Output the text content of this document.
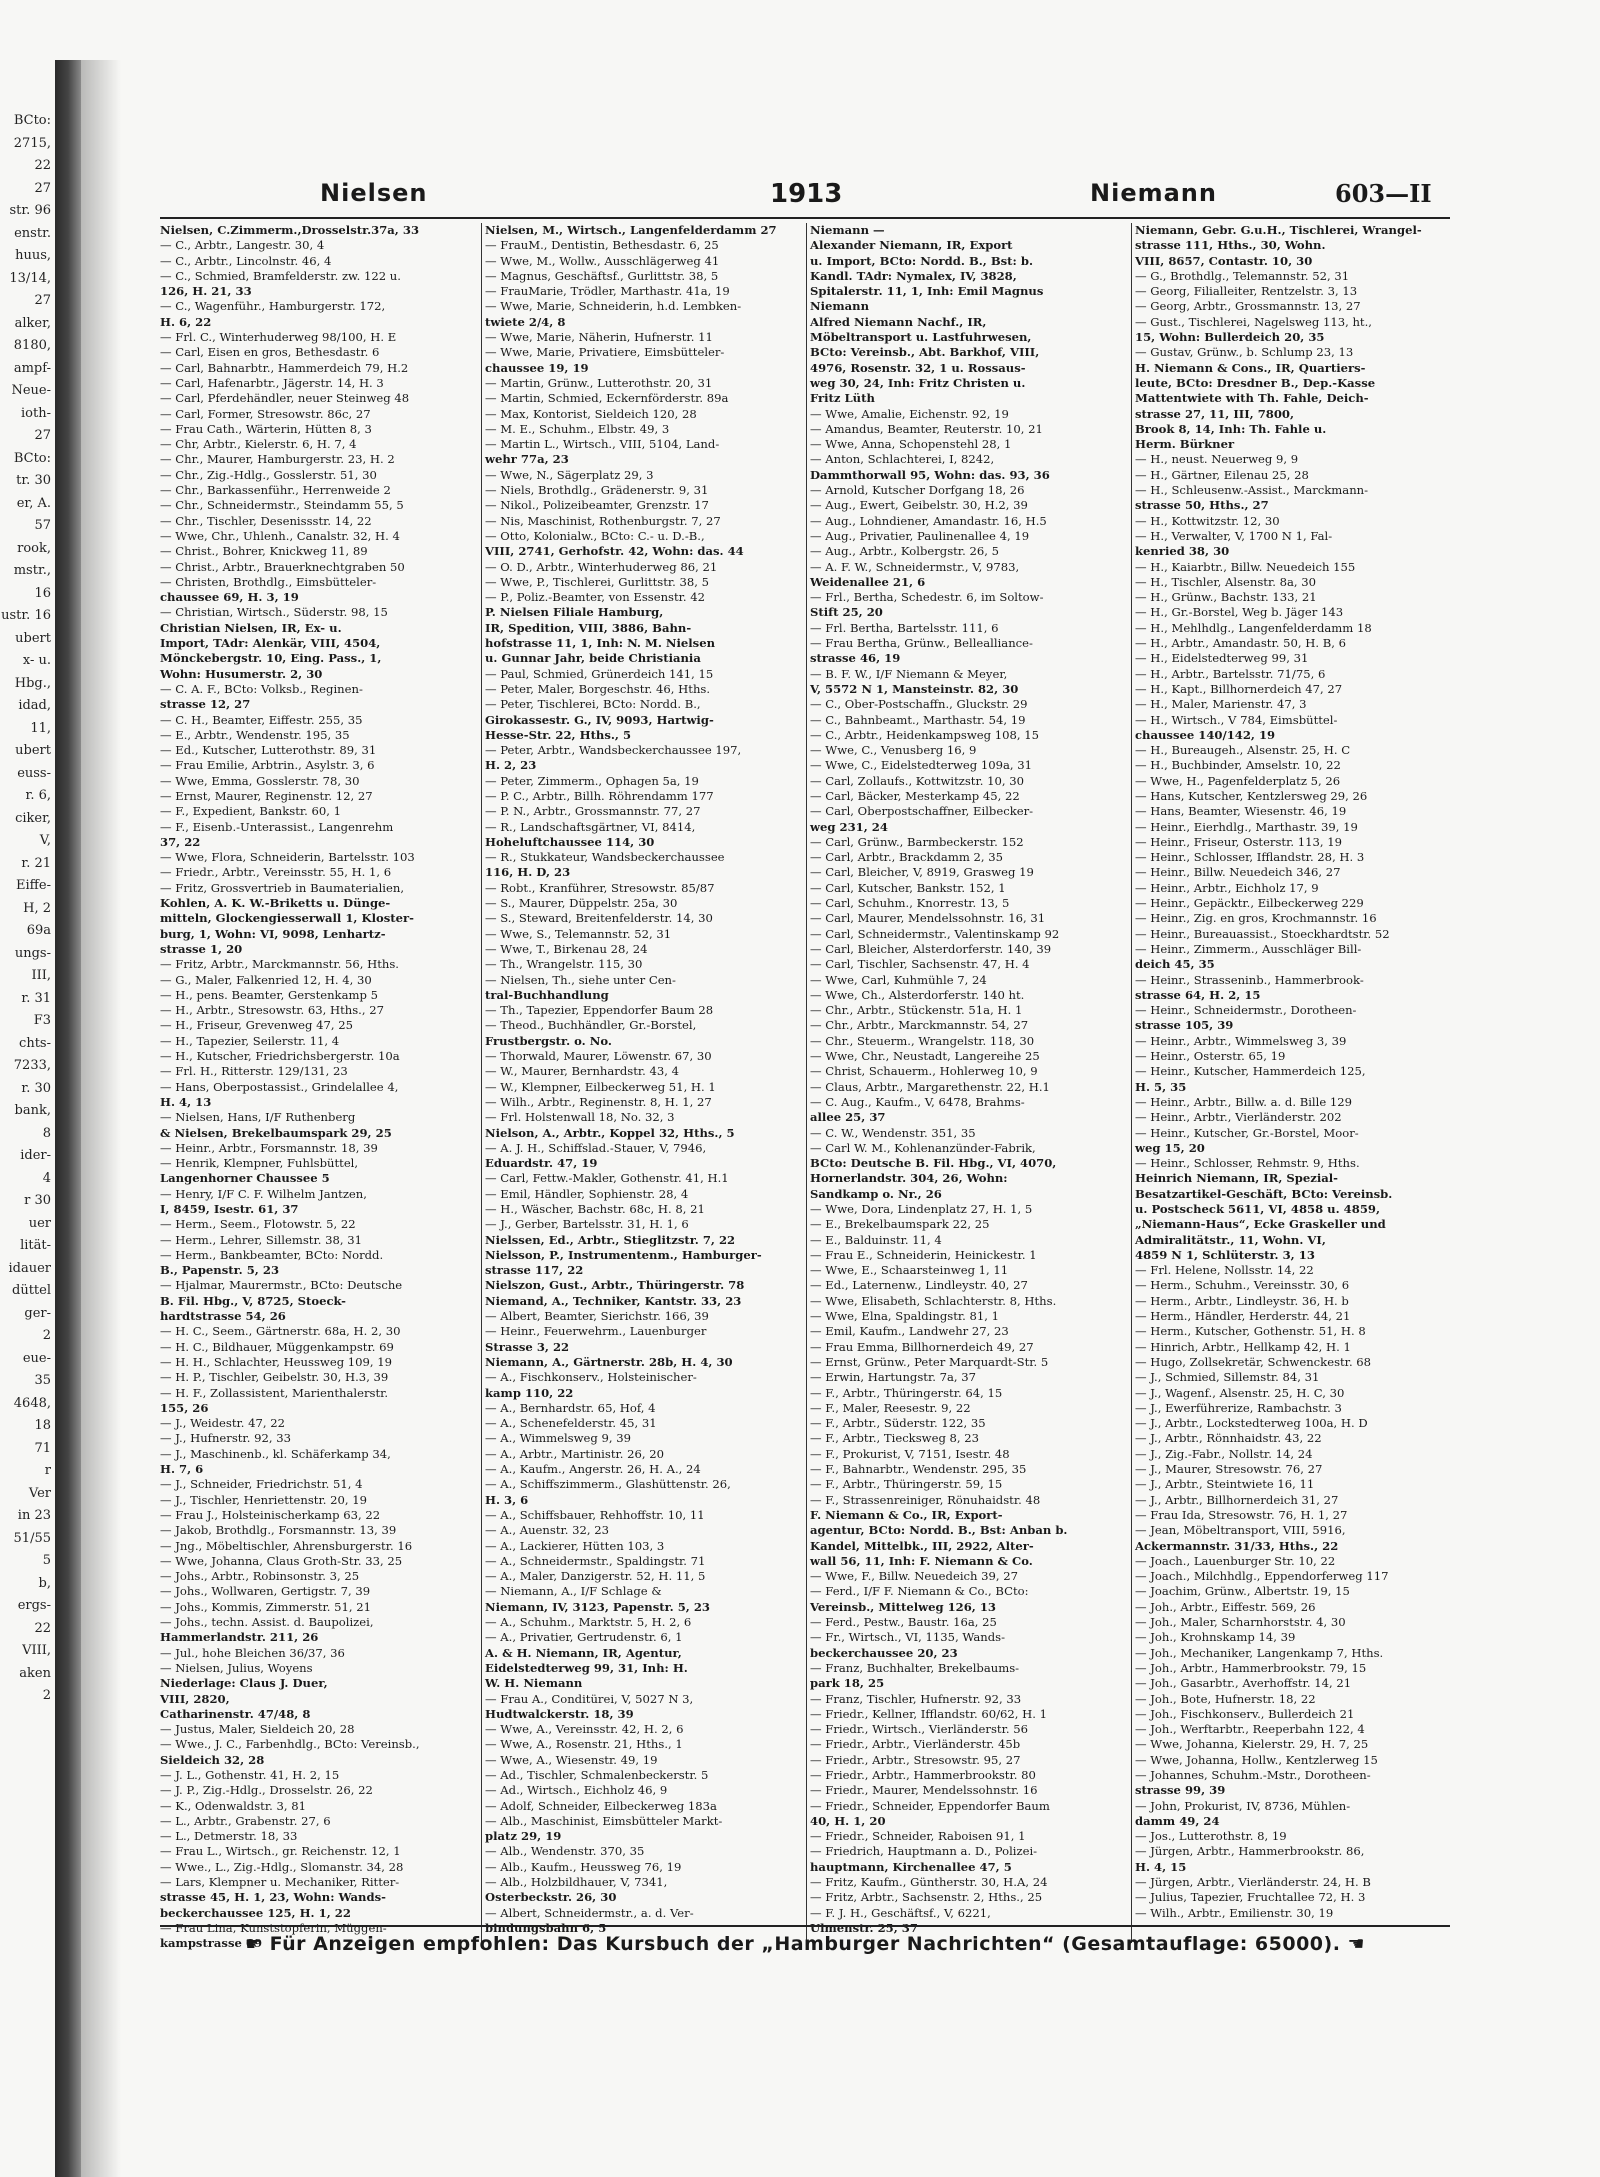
BCto:
2715,
22
27
str. 96
enstr.
huus,
13/14,
27
alker,
8180,
ampf-
Neue-
ioth-
27
BCto:
tr. 30
er, A.
57
rook,
mstr.,
16
ustr. 16
ubert
x- u.
Hbg.,
idad,
11,
ubert
euss-
r. 6,
ciker,
V,
r. 21
Eiffe-
H, 2
69a
ungs-
III,
r. 31
F3
chts-
7233,
r. 30
bank,
8
ider-
4
r 30
uer
lität-
idauer
düttel
ger-
2
eue-
35
4648,
18
71
r
Ver
in 23
51/55
5
b,
ergs-
22
VIII,
aken
2
Nielsen	1913	Niemann	603—II
Nielsen, C.Zimmerm.,Drosselstr.37a, 33
— C., Arbtr., Langestr. 30, 4
— C., Arbtr., Lincolnstr. 46, 4
— C., Schmied, Bramfelderstr. zw. 122 u.
126, H. 21, 33
— C., Wagenführ., Hamburgerstr. 172,
H. 6, 22
— Frl. C., Winterhuderweg 98/100, H. E
— Carl, Eisen en gros, Bethesdastr. 6
— Carl, Bahnarbtr., Hammerdeich 79, H.2
— Carl, Hafenarbtr., Jägerstr. 14, H. 3
— Carl, Pferdehändler, neuer Steinweg 48
— Carl, Former, Stresowstr. 86c, 27
— Frau Cath., Wärterin, Hütten 8, 3
— Chr, Arbtr., Kielerstr. 6, H. 7, 4
— Chr., Maurer, Hamburgerstr. 23, H. 2
— Chr., Zig.-Hdlg., Gosslerstr. 51, 30
— Chr., Barkassenführ., Herrenweide 2
— Chr., Schneidermstr., Steindamm 55, 5
— Chr., Tischler, Desenissstr. 14, 22
— Wwe, Chr., Uhlenh., Canalstr. 32, H. 4
— Christ., Bohrer, Knickweg 11, 89
— Christ., Arbtr., Brauerknechtgraben 50
— Christen, Brothdlg., Eimsbütteler-
chaussee 69, H. 3, 19
— Christian, Wirtsch., Süderstr. 98, 15
Christian Nielsen, IR, Ex- u.
Import, TAdr: Alenkär, VIII, 4504,
Mönckebergstr. 10, Eing. Pass., 1,
Wohn: Husumerstr. 2, 30
— C. A. F., BCto: Volksb., Reginen-
strasse 12, 27
— C. H., Beamter, Eiffestr. 255, 35
— E., Arbtr., Wendenstr. 195, 35
— Ed., Kutscher, Lutterothstr. 89, 31
— Frau Emilie, Arbtrin., Asylstr. 3, 6
— Wwe, Emma, Gosslerstr. 78, 30
— Ernst, Maurer, Reginenstr. 12, 27
— F., Expedient, Bankstr. 60, 1
— F., Eisenb.-Unterassist., Langenrehm
37, 22
— Wwe, Flora, Schneiderin, Bartelsstr. 103
— Friedr., Arbtr., Vereinsstr. 55, H. 1, 6
— Fritz, Grossvertrieb in Baumaterialien,
Kohlen, A. K. W.-Briketts u. Dünge-
mitteln, Glockengiesserwall 1, Kloster-
burg, 1, Wohn: VI, 9098, Lenhartz-
strasse 1, 20
— Fritz, Arbtr., Marckmannstr. 56, Hths.
— G., Maler, Falkenried 12, H. 4, 30
— H., pens. Beamter, Gerstenkamp 5
— H., Arbtr., Stresowstr. 63, Hths., 27
— H., Friseur, Grevenweg 47, 25
— H., Tapezier, Seilerstr. 11, 4
— H., Kutscher, Friedrichsbergerstr. 10a
— Frl. H., Ritterstr. 129/131, 23
— Hans, Oberpostassist., Grindelallee 4,
H. 4, 13
— Nielsen, Hans, I/F Ruthenberg
& Nielsen, Brekelbaumspark 29, 25
— Heinr., Arbtr., Forsmannstr. 18, 39
— Henrik, Klempner, Fuhlsbüttel,
Langenhorner Chaussee 5
— Henry, I/F C. F. Wilhelm Jantzen,
I, 8459, Isestr. 61, 37
— Herm., Seem., Flotowstr. 5, 22
— Herm., Lehrer, Sillemstr. 38, 31
— Herm., Bankbeamter, BCto: Nordd.
B., Papenstr. 5, 23
— Hjalmar, Maurermstr., BCto: Deutsche
B. Fil. Hbg., V, 8725, Stoeck-
hardtstrasse 54, 26
— H. C., Seem., Gärtnerstr. 68a, H. 2, 30
— H. C., Bildhauer, Müggenkampstr. 69
— H. H., Schlachter, Heussweg 109, 19
— H. P., Tischler, Geibelstr. 30, H.3, 39
— H. F., Zollassistent, Marienthalerstr.
155, 26
— J., Weidestr. 47, 22
— J., Hufnerstr. 92, 33
— J., Maschinenb., kl. Schäferkamp 34,
H. 7, 6
— J., Schneider, Friedrichstr. 51, 4
— J., Tischler, Henriettenstr. 20, 19
— Frau J., Holsteinischerkamp 63, 22
— Jakob, Brothdlg., Forsmannstr. 13, 39
— Jng., Möbeltischler, Ahrensburgerstr. 16
— Wwe, Johanna, Claus Groth-Str. 33, 25
— Johs., Arbtr., Robinsonstr. 3, 25
— Johs., Wollwaren, Gertigstr. 7, 39
— Johs., Kommis, Zimmerstr. 51, 21
— Johs., techn. Assist. d. Baupolizei,
Hammerlandstr. 211, 26
— Jul., hohe Bleichen 36/37, 36
— Nielsen, Julius, Woyens
Niederlage: Claus J. Duer,
VIII, 2820,
Catharinenstr. 47/48, 8
— Justus, Maler, Sieldeich 20, 28
— Wwe., J. C., Farbenhdlg., BCto: Vereinsb.,
Sieldeich 32, 28
— J. L., Gothenstr. 41, H. 2, 15
— J. P., Zig.-Hdlg., Drosselstr. 26, 22
— K., Odenwaldstr. 3, 81
— L., Arbtr., Grabenstr. 27, 6
— L., Detmerstr. 18, 33
— Frau L., Wirtsch., gr. Reichenstr. 12, 1
— Wwe., L., Zig.-Hdlg., Slomanstr. 34, 28
— Lars, Klempner u. Mechaniker, Ritter-
strasse 45, H. 1, 23, Wohn: Wands-
beckerchaussee 125, H. 1, 22
— Frau Lina, Kunststopferin, Müggen-
kampstrasse 69
Nielsen, M., Wirtsch., Langenfelderdamm 27
— FrauM., Dentistin, Bethesdastr. 6, 25
— Wwe, M., Wollw., Ausschlägerweg 41
— Magnus, Geschäftsf., Gurlittstr. 38, 5
— FrauMarie, Trödler, Marthastr. 41a, 19
— Wwe, Marie, Schneiderin, h.d. Lembken-
twiete 2/4, 8
— Wwe, Marie, Näherin, Hufnerstr. 11
— Wwe, Marie, Privatiere, Eimsbütteler-
chaussee 19, 19
— Martin, Grünw., Lutterothstr. 20, 31
— Martin, Schmied, Eckernförderstr. 89a
— Max, Kontorist, Sieldeich 120, 28
— M. E., Schuhm., Elbstr. 49, 3
— Martin L., Wirtsch., VIII, 5104, Land-
wehr 77a, 23
— Wwe, N., Sägerplatz 29, 3
— Niels, Brothdlg., Grädenerstr. 9, 31
— Nikol., Polizeibeamter, Grenzstr. 17
— Nis, Maschinist, Rothenburgstr. 7, 27
— Otto, Kolonialw., BCto: C.- u. D.-B.,
VIII, 2741, Gerhofstr. 42, Wohn: das. 44
— O. D., Arbtr., Winterhuderweg 86, 21
— Wwe, P., Tischlerei, Gurlittstr. 38, 5
— P., Poliz.-Beamter, von Essenstr. 42
P. Nielsen Filiale Hamburg,
IR, Spedition, VIII, 3886, Bahn-
hofstrasse 11, 1, Inh: N. M. Nielsen
u. Gunnar Jahr, beide Christiania
— Paul, Schmied, Grünerdeich 141, 15
— Peter, Maler, Borgeschstr. 46, Hths.
— Peter, Tischlerei, BCto: Nordd. B.,
Girokassestr. G., IV, 9093, Hartwig-
Hesse-Str. 22, Hths., 5
— Peter, Arbtr., Wandsbeckerchaussee 197,
H. 2, 23
— Peter, Zimmerm., Ophagen 5a, 19
— P. C., Arbtr., Billh. Röhrendamm 177
— P. N., Arbtr., Grossmannstr. 77, 27
— R., Landschaftsgärtner, VI, 8414,
Hoheluftchaussee 114, 30
— R., Stukkateur, Wandsbeckerchaussee
116, H. D, 23
— Robt., Kranführer, Stresowstr. 85/87
— S., Maurer, Düppelstr. 25a, 30
— S., Steward, Breitenfelderstr. 14, 30
— Wwe, S., Telemannstr. 52, 31
— Wwe, T., Birkenau 28, 24
— Th., Wrangelstr. 115, 30
— Nielsen, Th., siehe unter Cen-
tral-Buchhandlung
— Th., Tapezier, Eppendorfer Baum 28
— Theod., Buchhändler, Gr.-Borstel,
Frustbergstr. o. No.
— Thorwald, Maurer, Löwenstr. 67, 30
— W., Maurer, Bernhardstr. 43, 4
— W., Klempner, Eilbeckerweg 51, H. 1
— Wilh., Arbtr., Reginenstr. 8, H. 1, 27
— Frl. Holstenwall 18, No. 32, 3
Nielson, A., Arbtr., Koppel 32, Hths., 5
— A. J. H., Schiffslad.-Stauer, V, 7946,
Eduardstr. 47, 19
— Carl, Fettw.-Makler, Gothenstr. 41, H.1
— Emil, Händler, Sophienstr. 28, 4
— H., Wäscher, Bachstr. 68c, H. 8, 21
— J., Gerber, Bartelsstr. 31, H. 1, 6
Nielssen, Ed., Arbtr., Stieglitzstr. 7, 22
Nielsson, P., Instrumentenm., Hamburger-
strasse 117, 22
Nielszon, Gust., Arbtr., Thüringerstr. 78
Niemand, A., Techniker, Kantstr. 33, 23
— Albert, Beamter, Sierichstr. 166, 39
— Heinr., Feuerwehrm., Lauenburger
Strasse 3, 22
Niemann, A., Gärtnerstr. 28b, H. 4, 30
— A., Fischkonserv., Holsteinischer-
kamp 110, 22
— A., Bernhardstr. 65, Hof, 4
— A., Schenefelderstr. 45, 31
— A., Wimmelsweg 9, 39
— A., Arbtr., Martinistr. 26, 20
— A., Kaufm., Angerstr. 26, H. A., 24
— A., Schiffszimmerm., Glashüttenstr. 26,
H. 3, 6
— A., Schiffsbauer, Rehhoffstr. 10, 11
— A., Auenstr. 32, 23
— A., Lackierer, Hütten 103, 3
— A., Schneidermstr., Spaldingstr. 71
— A., Maler, Danzigerstr. 52, H. 11, 5
— Niemann, A., I/F Schlage &
Niemann, IV, 3123, Papenstr. 5, 23
— A., Schuhm., Marktstr. 5, H. 2, 6
— A., Privatier, Gertrudenstr. 6, 1
A. & H. Niemann, IR, Agentur,
Eidelstedterweg 99, 31, Inh: H.
W. H. Niemann
— Frau A., Conditürei, V, 5027 N 3,
Hudtwalckerstr. 18, 39
— Wwe, A., Vereinsstr. 42, H. 2, 6
— Wwe, A., Rosenstr. 21, Hths., 1
— Wwe, A., Wiesenstr. 49, 19
— Ad., Tischler, Schmalenbeckerstr. 5
— Ad., Wirtsch., Eichholz 46, 9
— Adolf, Schneider, Eilbeckerweg 183a
— Alb., Maschinist, Eimsbütteler Markt-
platz 29, 19
— Alb., Wendenstr. 370, 35
— Alb., Kaufm., Heussweg 76, 19
— Alb., Holzbildhauer, V, 7341,
Osterbeckstr. 26, 30
— Albert, Schneidermstr., a. d. Ver-
bindungsbahn 6, 5
Niemann —
Alexander Niemann, IR, Export
u. Import, BCto: Nordd. B., Bst: b.
Kandl. TAdr: Nymalex, IV, 3828,
Spitalerstr. 11, 1, Inh: Emil Magnus
Niemann
Alfred Niemann Nachf., IR,
Möbeltransport u. Lastfuhrwesen,
BCto: Vereinsb., Abt. Barkhof, VIII,
4976, Rosenstr. 32, 1 u. Rossaus-
weg 30, 24, Inh: Fritz Christen u.
Fritz Lüth
— Wwe, Amalie, Eichenstr. 92, 19
— Amandus, Beamter, Reuterstr. 10, 21
— Wwe, Anna, Schopenstehl 28, 1
— Anton, Schlachterei, I, 8242,
Dammthorwall 95, Wohn: das. 93, 36
— Arnold, Kutscher Dorfgang 18, 26
— Aug., Ewert, Geibelstr. 30, H.2, 39
— Aug., Lohndiener, Amandastr. 16, H.5
— Aug., Privatier, Paulinenallee 4, 19
— Aug., Arbtr., Kolbergstr. 26, 5
— A. F. W., Schneidermstr., V, 9783,
Weidenallee 21, 6
— Frl., Bertha, Schedestr. 6, im Soltow-
Stift 25, 20
— Frl. Bertha, Bartelsstr. 111, 6
— Frau Bertha, Grünw., Belleallianсe-
strasse 46, 19
— B. F. W., I/F Niemann & Meyer,
V, 5572 N 1, Mansteinstr. 82, 30
— C., Ober-Postschaffn., Gluckstr. 29
— C., Bahnbeamt., Marthastr. 54, 19
— C., Arbtr., Heidenkampsweg 108, 15
— Wwe, C., Venusberg 16, 9
— Wwe, C., Eidelstedterweg 109a, 31
— Carl, Zollaufs., Kottwitzstr. 10, 30
— Carl, Bäcker, Mesterkamp 45, 22
— Carl, Oberpostschaffner, Eilbecker-
weg 231, 24
— Carl, Grünw., Barmbeckerstr. 152
— Carl, Arbtr., Brackdamm 2, 35
— Carl, Bleicher, V, 8919, Grasweg 19
— Carl, Kutscher, Bankstr. 152, 1
— Carl, Schuhm., Knorrestr. 13, 5
— Carl, Maurer, Mendelssohnstr. 16, 31
— Carl, Schneidermstr., Valentinskamp 92
— Carl, Bleicher, Alsterdorferstr. 140, 39
— Carl, Tischler, Sachsenstr. 47, H. 4
— Wwe, Carl, Kuhmühle 7, 24
— Wwe, Ch., Alsterdorferstr. 140 ht.
— Chr., Arbtr., Stückenstr. 51a, H. 1
— Chr., Arbtr., Marckmannstr. 54, 27
— Chr., Steuerm., Wrangelstr. 118, 30
— Wwe, Chr., Neustadt, Langereihe 25
— Christ, Schauerm., Hohlerweg 10, 9
— Claus, Arbtr., Margarethenstr. 22, H.1
— C. Aug., Kaufm., V, 6478, Brahms-
allee 25, 37
— C. W., Wendenstr. 351, 35
— Carl W. M., Kohlenanzünder-Fabrik,
BCto: Deutsche B. Fil. Hbg., VI, 4070,
Hornerlandstr. 304, 26, Wohn:
Sandkamp o. Nr., 26
— Wwe, Dora, Lindenplatz 27, H. 1, 5
— E., Brekelbaumspark 22, 25
— E., Balduinstr. 11, 4
— Frau E., Schneiderin, Heinickestr. 1
— Wwe, E., Schaarsteinweg 1, 11
— Ed., Laternenw., Lindleystr. 40, 27
— Wwe, Elisabeth, Schlachterstr. 8, Hths.
— Wwe, Elna, Spaldingstr. 81, 1
— Emil, Kaufm., Landwehr 27, 23
— Frau Emma, Billhornerdeich 49, 27
— Ernst, Grünw., Peter Marquardt-Str. 5
— Erwin, Hartungstr. 7a, 37
— F., Arbtr., Thüringerstr. 64, 15
— F., Maler, Reesestr. 9, 22
— F., Arbtr., Süderstr. 122, 35
— F., Arbtr., Tiecksweg 8, 23
— F., Prokurist, V, 7151, Isestr. 48
— F., Bahnarbtr., Wendenstr. 295, 35
— F., Arbtr., Thüringerstr. 59, 15
— F., Strassenreiniger, Rönuhaidstr. 48
F. Niemann & Co., IR, Export-
agentur, BCto: Nordd. B., Bst: Anban b.
Kandel, Mittelbk., III, 2922, Alter-
wall 56, 11, Inh: F. Niemann & Co.
— Wwe, F., Billw. Neuedeich 39, 27
— Ferd., I/F F. Niemann & Co., BCto:
Vereinsb., Mittelweg 126, 13
— Ferd., Pestw., Baustr. 16a, 25
— Fr., Wirtsch., VI, 1135, Wands-
beckerchaussee 20, 23
— Franz, Buchhalter, Brekelbaums-
park 18, 25
— Franz, Tischler, Hufnerstr. 92, 33
— Friedr., Kellner, Ifflandstr. 60/62, H. 1
— Friedr., Wirtsch., Vierländerstr. 56
— Friedr., Arbtr., Vierländerstr. 45b
— Friedr., Arbtr., Stresowstr. 95, 27
— Friedr., Arbtr., Hammerbrookstr. 80
— Friedr., Maurer, Mendelssohnstr. 16
— Friedr., Schneider, Eppendorfer Baum
40, H. 1, 20
— Friedr., Schneider, Raboisen 91, 1
— Friedrich, Hauptmann a. D., Polizei-
hauptmann, Kirchenallee 47, 5
— Fritz, Kaufm., Güntherstr. 30, H.A, 24
— Fritz, Arbtr., Sachsenstr. 2, Hths., 25
— F. J. H., Geschäftsf., V, 6221,
Ulmenstr. 25, 37
Niemann, Gebr. G.u.H., Tischlerei, Wrangel-
strasse 111, Hths., 30, Wohn.
VIII, 8657, Contastr. 10, 30
— G., Brothdlg., Telemannstr. 52, 31
— Georg, Filialleiter, Rentzelstr. 3, 13
— Georg, Arbtr., Grossmannstr. 13, 27
— Gust., Tischlerei, Nagelsweg 113, ht.,
15, Wohn: Bullerdeich 20, 35
— Gustav, Grünw., b. Schlump 23, 13
H. Niemann & Cons., IR, Quartiers-
leute, BCto: Dresdner B., Dep.-Kasse
Mattentwiete with Th. Fahle, Deich-
strasse 27, 11, III, 7800,
Brook 8, 14, Inh: Th. Fahle u.
Herm. Bürkner
— H., neust. Neuerweg 9, 9
— H., Gärtner, Eilenau 25, 28
— H., Schleusenw.-Assist., Marckmann-
strasse 50, Hths., 27
— H., Kottwitzstr. 12, 30
— H., Verwalter, V, 1700 N 1, Fal-
kenried 38, 30
— H., Kaiarbtr., Billw. Neuedeich 155
— H., Tischler, Alsenstr. 8a, 30
— H., Grünw., Bachstr. 133, 21
— H., Gr.-Borstel, Weg b. Jäger 143
— H., Mehlhdlg., Langenfelderdamm 18
— H., Arbtr., Amandastr. 50, H. B, 6
— H., Eidelstedterweg 99, 31
— H., Arbtr., Bartelsstr. 71/75, 6
— H., Kapt., Billhornerdeich 47, 27
— H., Maler, Marienstr. 47, 3
— H., Wirtsch., V 784, Eimsbüttel-
chaussee 140/142, 19
— H., Bureaugeh., Alsenstr. 25, H. C
— H., Buchbinder, Amselstr. 10, 22
— Wwe, H., Pagenfelderplatz 5, 26
— Hans, Kutscher, Kentzlersweg 29, 26
— Hans, Beamter, Wiesenstr. 46, 19
— Heinr., Eierhdlg., Marthastr. 39, 19
— Heinr., Friseur, Osterstr. 113, 19
— Heinr., Schlosser, Ifflandstr. 28, H. 3
— Heinr., Billw. Neuedeich 346, 27
— Heinr., Arbtr., Eichholz 17, 9
— Heinr., Gepäcktr., Eilbeckerweg 229
— Heinr., Zig. en gros, Krochmannstr. 16
— Heinr., Bureauassist., Stoeckhardtstr. 52
— Heinr., Zimmerm., Ausschläger Bill-
deich 45, 35
— Heinr., Strasseninb., Hammerbrook-
strasse 64, H. 2, 15
— Heinr., Schneidermstr., Dorotheen-
strasse 105, 39
— Heinr., Arbtr., Wimmelsweg 3, 39
— Heinr., Osterstr. 65, 19
— Heinr., Kutscher, Hammerdeich 125,
H. 5, 35
— Heinr., Arbtr., Billw. a. d. Bille 129
— Heinr., Arbtr., Vierländerstr. 202
— Heinr., Kutscher, Gr.-Borstel, Moor-
weg 15, 20
— Heinr., Schlosser, Rehmstr. 9, Hths.
Heinrich Niemann, IR, Spezial-
Besatzartikel-Geschäft, BCto: Vereinsb.
u. Postscheck 5611, VI, 4858 u. 4859,
„Niemann-Haus“, Ecke Graskeller und
Admiralitätstr., 11, Wohn. VI,
4859 N 1, Schlüterstr. 3, 13
— Frl. Helene, Nollsstr. 14, 22
— Herm., Schuhm., Vereinsstr. 30, 6
— Herm., Arbtr., Lindleystr. 36, H. b
— Herm., Händler, Herderstr. 44, 21
— Herm., Kutscher, Gothenstr. 51, H. 8
— Hinrich, Arbtr., Hellkamp 42, H. 1
— Hugo, Zollsekretär, Schwenckestr. 68
— J., Schmied, Sillemstr. 84, 31
— J., Wagenf., Alsenstr. 25, H. C, 30
— J., Ewerführerize, Rambachstr. 3
— J., Arbtr., Lockstedterweg 100a, H. D
— J., Arbtr., Rönnhaidstr. 43, 22
— J., Zig.-Fabr., Nollstr. 14, 24
— J., Maurer, Stresowstr. 76, 27
— J., Arbtr., Steintwiete 16, 11
— J., Arbtr., Billhornerdeich 31, 27
— Frau Ida, Stresowstr. 76, H. 1, 27
— Jean, Möbeltransport, VIII, 5916,
Ackermannstr. 31/33, Hths., 22
— Joach., Lauenburger Str. 10, 22
— Joach., Milchhdlg., Eppendorferweg 117
— Joachim, Grünw., Albertstr. 19, 15
— Joh., Arbtr., Eiffestr. 569, 26
— Joh., Maler, Scharnhorststr. 4, 30
— Joh., Krohnskamp 14, 39
— Joh., Mechaniker, Langenkamp 7, Hths.
— Joh., Arbtr., Hammerbrookstr. 79, 15
— Joh., Gasarbtr., Averhoffstr. 14, 21
— Joh., Bote, Hufnerstr. 18, 22
— Joh., Fischkonserv., Bullerdeich 21
— Joh., Werftarbtr., Reeperbahn 122, 4
— Wwe, Johanna, Kielerstr. 29, H. 7, 25
— Wwe, Johanna, Hollw., Kentzlerweg 15
— Johannes, Schuhm.-Mstr., Dorotheen-
strasse 99, 39
— John, Prokurist, IV, 8736, Mühlen-
damm 49, 24
— Jos., Lutterothstr. 8, 19
— Jürgen, Arbtr., Hammerbrookstr. 86,
H. 4, 15
— Jürgen, Arbtr., Vierländerstr. 24, H. B
— Julius, Tapezier, Fruchtallee 72, H. 3
— Wilh., Arbtr., Emilienstr. 30, 19
☛ Für Anzeigen empfohlen: Das Kursbuch der „Hamburger Nachrichten“ (Gesamtauflage: 65000). ☚
